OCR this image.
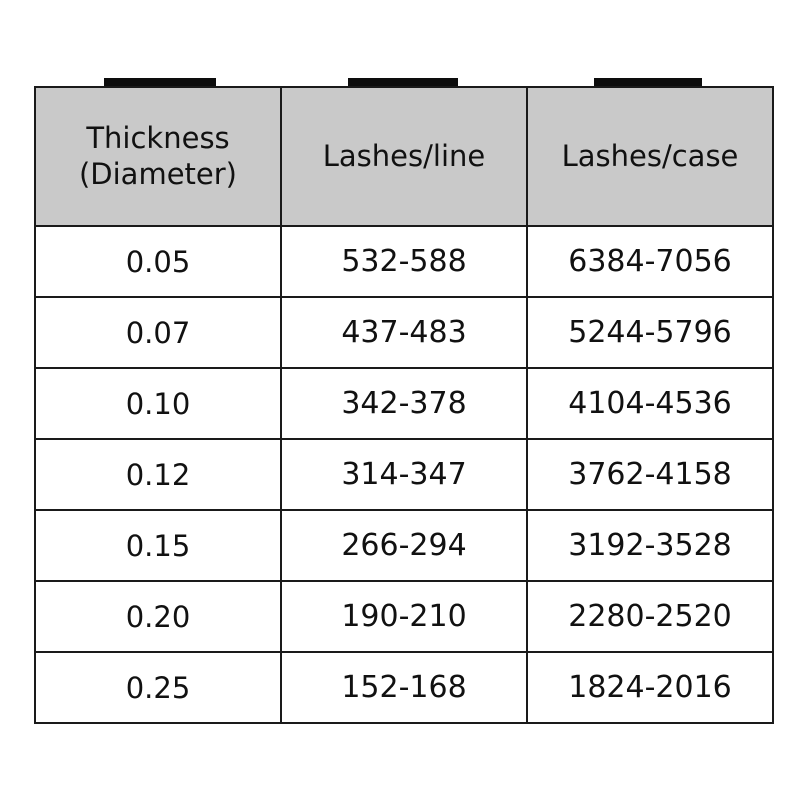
Thickness
(Diameter)	Lashes/line	Lashes/case
0.05	532-588	6384-7056
0.07	437-483	5244-5796
0.10	342-378	4104-4536
0.12	314-347	3762-4158
0.15	266-294	3192-3528
0.20	190-210	2280-2520
0.25	152-168	1824-2016
